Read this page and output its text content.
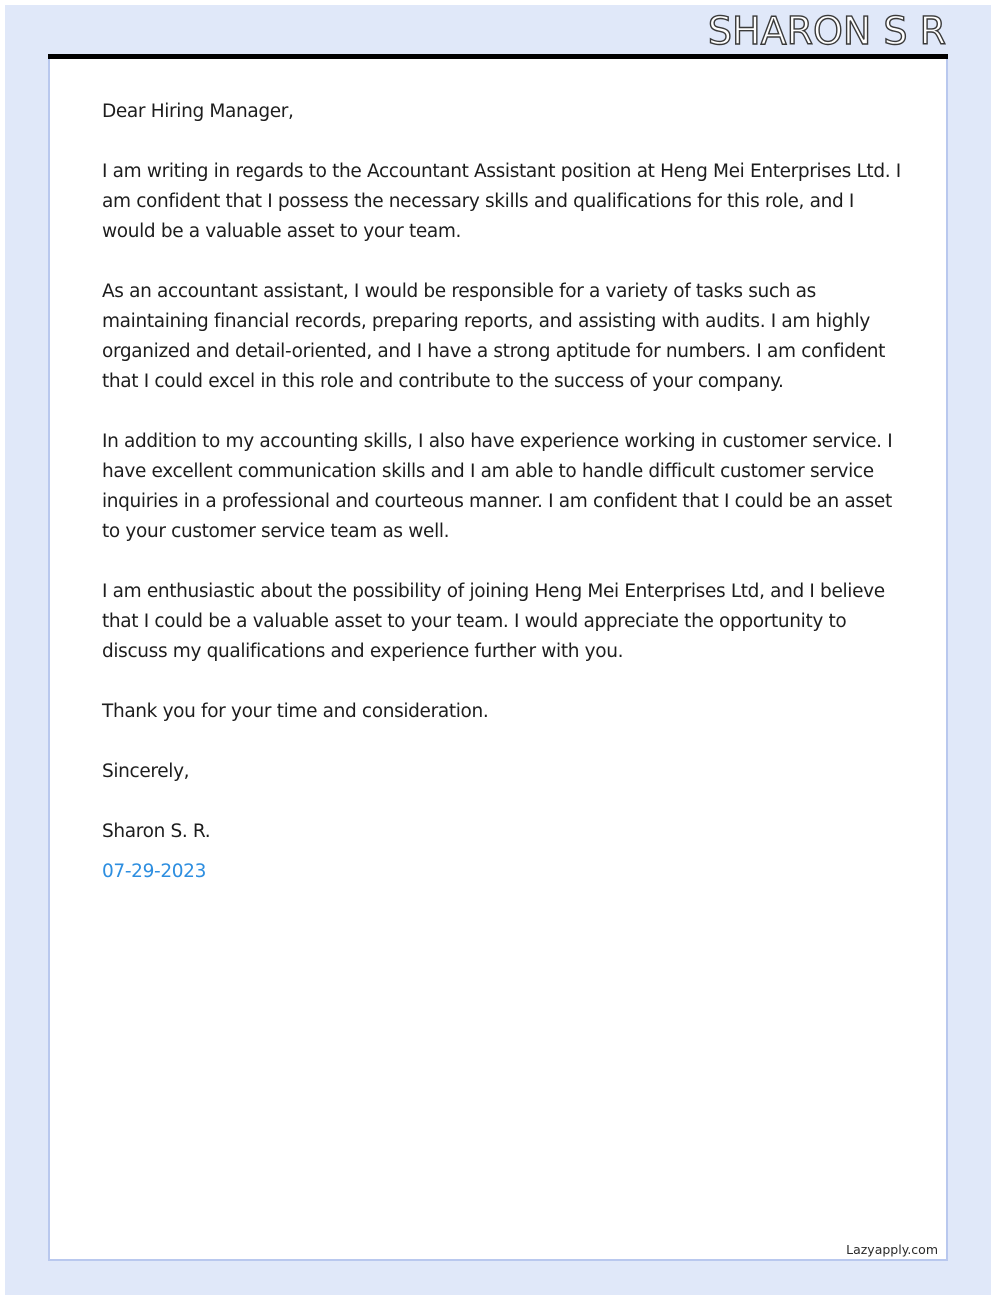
SHARON S R

Dear Hiring Manager,

I am writing in regards to the Accountant Assistant position at Heng Mei Enterprises Ltd. I am confident that I possess the necessary skills and qualifications for this role, and I would be a valuable asset to your team.

As an accountant assistant, I would be responsible for a variety of tasks such as maintaining financial records, preparing reports, and assisting with audits. I am highly organized and detail-oriented, and I have a strong aptitude for numbers. I am confident that I could excel in this role and contribute to the success of your company.

In addition to my accounting skills, I also have experience working in customer service. I have excellent communication skills and I am able to handle difficult customer service inquiries in a professional and courteous manner. I am confident that I could be an asset to your customer service team as well.

I am enthusiastic about the possibility of joining Heng Mei Enterprises Ltd, and I believe that I could be a valuable asset to your team. I would appreciate the opportunity to discuss my qualifications and experience further with you.

Thank you for your time and consideration.

Sincerely,

Sharon S. R.

07-29-2023

Lazyapply.com
